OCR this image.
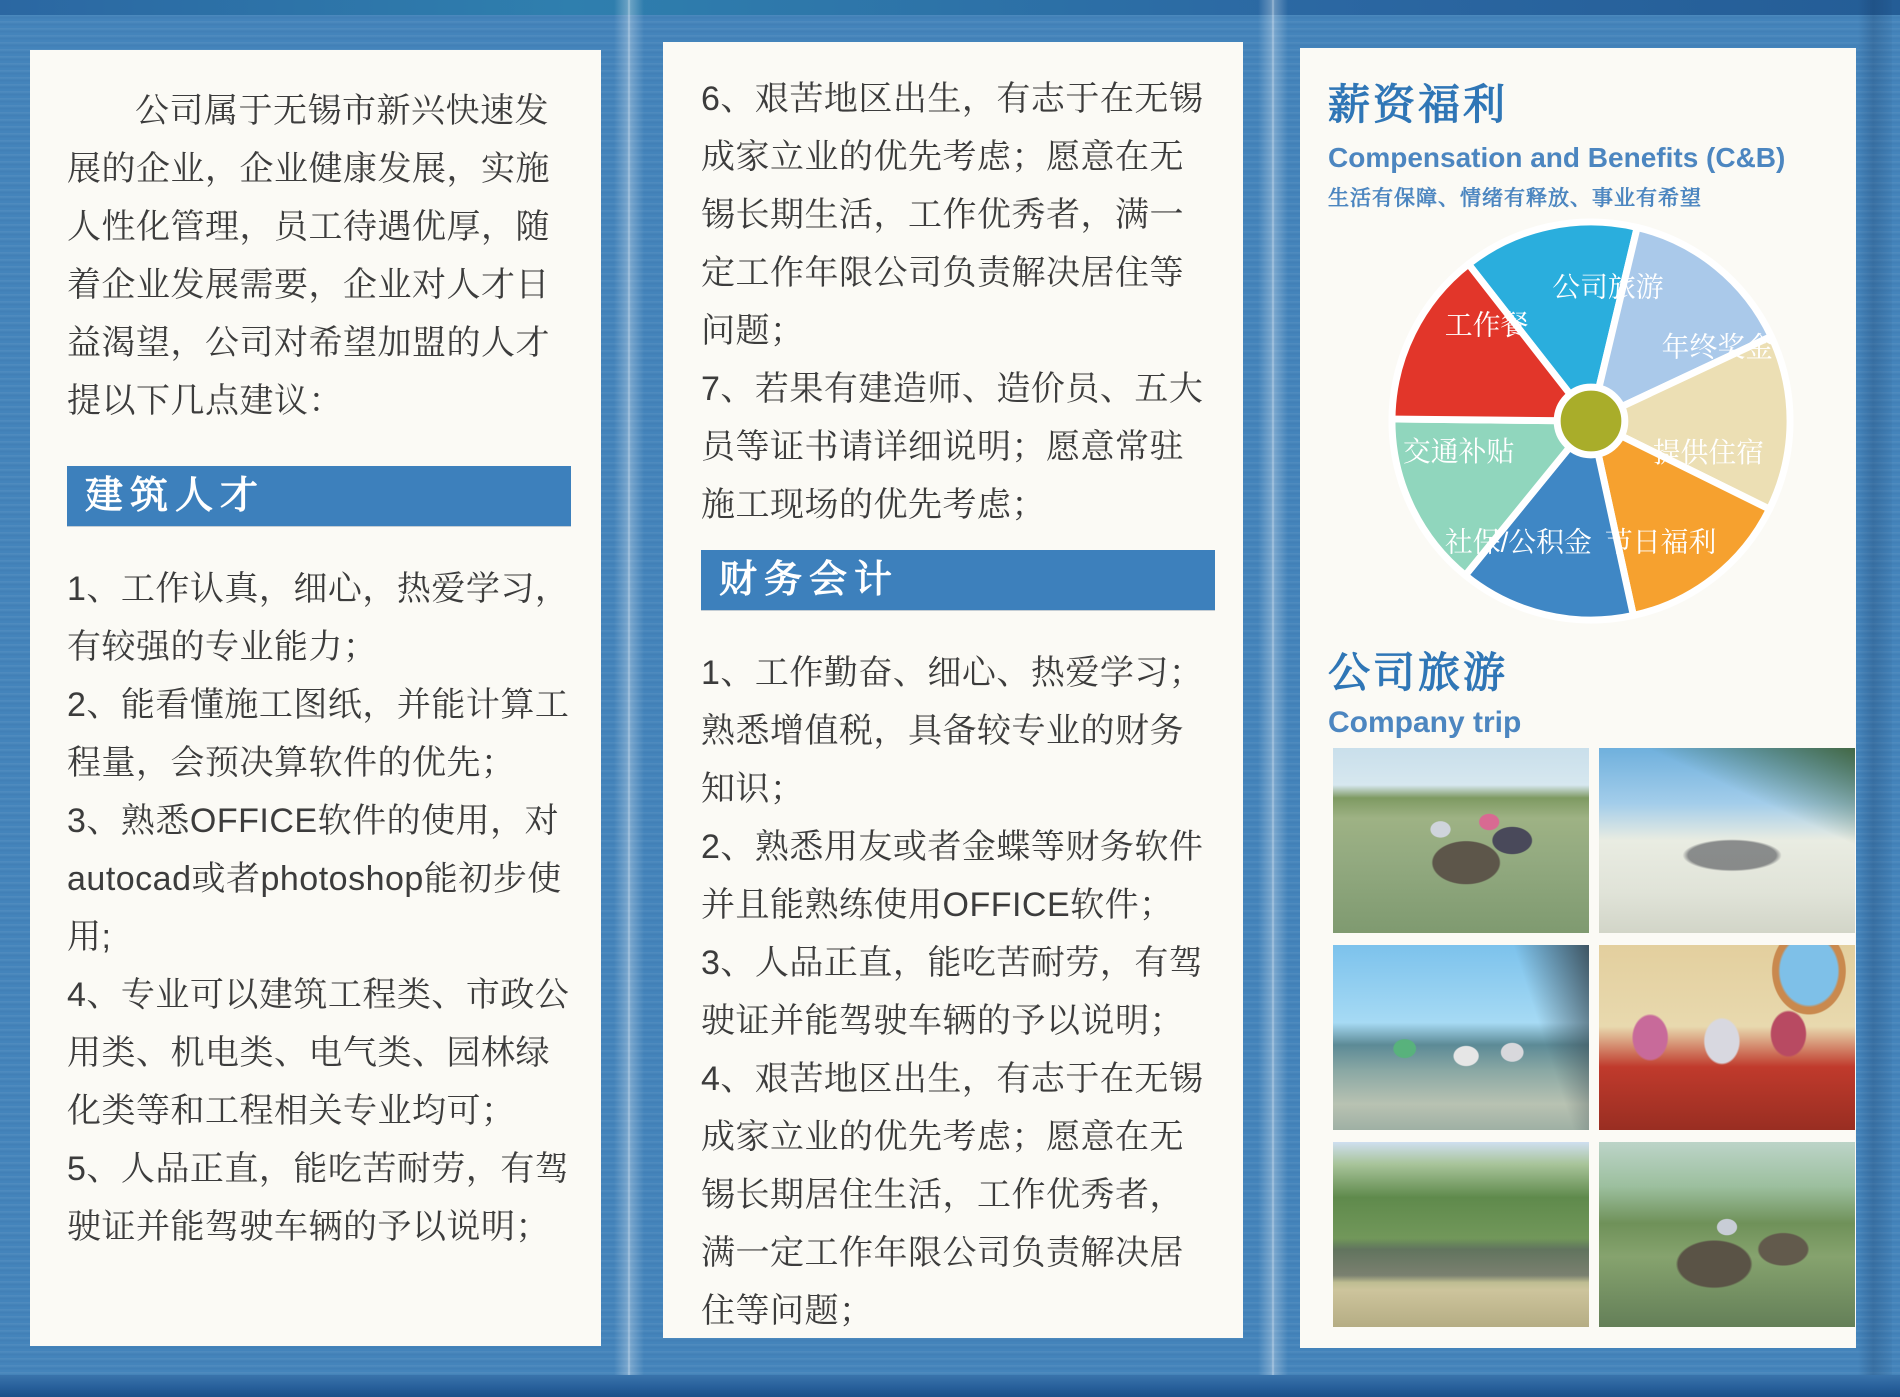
公司属于无锡市新兴快速发展的企业，企业健康发展，实施人性化管理，员工待遇优厚，随着企业发展需要，企业对人才日益渴望，公司对希望加盟的人才提以下几点建议：

建筑人才

1、工作认真，细心，热爱学习，有较强的专业能力；

2、能看懂施工图纸，并能计算工程量，会预决算软件的优先；

3、熟悉OFFICE软件的使用，对autocad或者photoshop能初步使用;

4、专业可以建筑工程类、市政公用类、机电类、电气类、园林绿化类等和工程相关专业均可；

5、人品正直，能吃苦耐劳，有驾驶证并能驾驶车辆的予以说明；

6、艰苦地区出生，有志于在无锡成家立业的优先考虑；愿意在无锡长期生活，工作优秀者，满一定工作年限公司负责解决居住等问题；

7、若果有建造师、造价员、五大员等证书请详细说明；愿意常驻施工现场的优先考虑；

财务会计

1、工作勤奋、细心、热爱学习；熟悉增值税，具备较专业的财务知识；

2、熟悉用友或者金蝶等财务软件并且能熟练使用OFFICE软件；

3、人品正直，能吃苦耐劳，有驾驶证并能驾驶车辆的予以说明；

4、艰苦地区出生，有志于在无锡成家立业的优先考虑；愿意在无锡长期居住生活，工作优秀者，满一定工作年限公司负责解决居住等问题；

薪资福利
Compensation and Benefits (C&B)
生活有保障、情绪有释放、事业有希望
公司旅游
年终奖金
提供住宿
节日福利
社保/公积金
交通补贴
工作餐
公司旅游
Company trip
